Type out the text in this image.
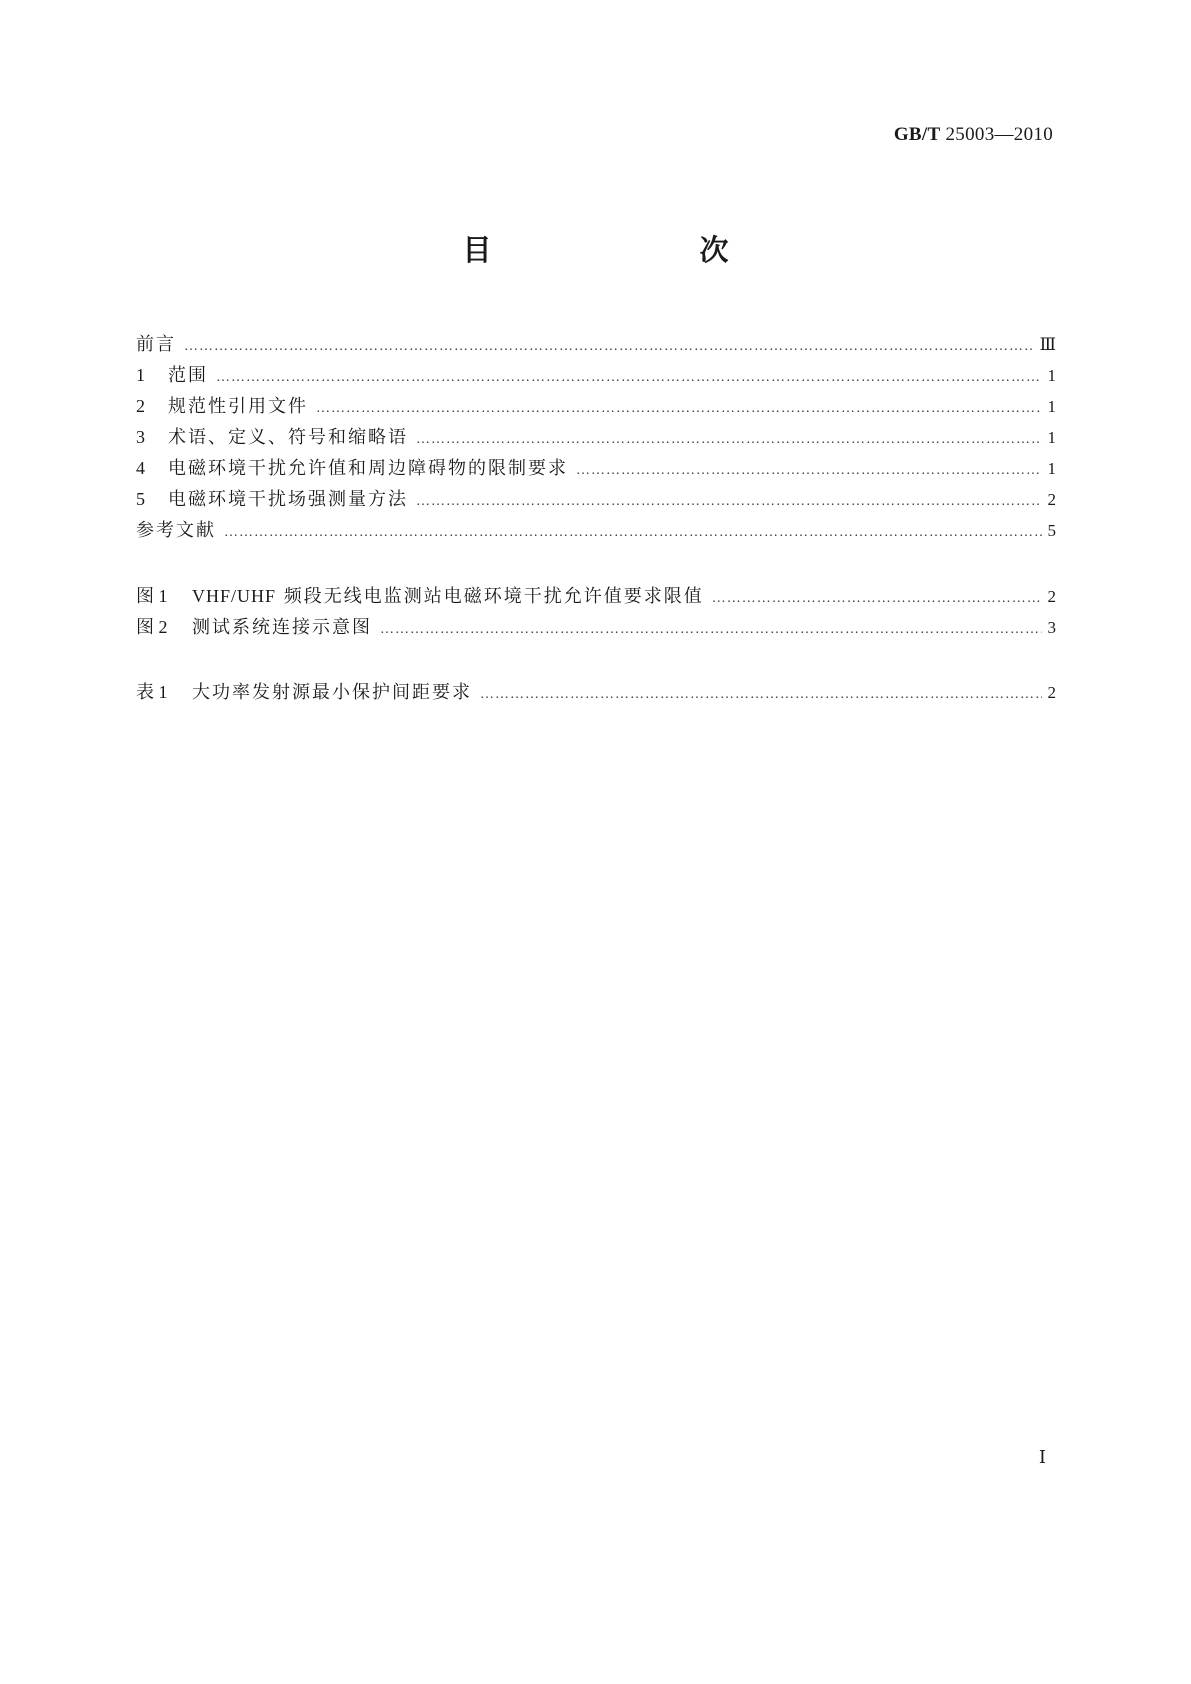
GB/T 25003—2010
目　　次
前言 ………………………………………………………………………………………………………………………………………………………………………………………………………………………………………………	Ⅲ
1	范围 ………………………………………………………………………………………………………………………………………………………………………………………………………………………………………………	1
2	规范性引用文件 ………………………………………………………………………………………………………………………………………………………………………………………………………………………………………………	1
3	术语、定义、符号和缩略语 ………………………………………………………………………………………………………………………………………………………………………………………………………………………………………………	1
4	电磁环境干扰允许值和周边障碍物的限制要求 ………………………………………………………………………………………………………………………………………………………………………………………………………………………………………………	1
5	电磁环境干扰场强测量方法 ………………………………………………………………………………………………………………………………………………………………………………………………………………………………………………	2
参考文献 ………………………………………………………………………………………………………………………………………………………………………………………………………………………………………………	5
图 1	VHF/UHF 频段无线电监测站电磁环境干扰允许值要求限值 ………………………………………………………………………………………………………………………………………………………………………………………………………………………………………………	2
图 2	测试系统连接示意图 ………………………………………………………………………………………………………………………………………………………………………………………………………………………………………………	3
表 1	大功率发射源最小保护间距要求 ………………………………………………………………………………………………………………………………………………………………………………………………………………………………………………	2
Ⅰ
